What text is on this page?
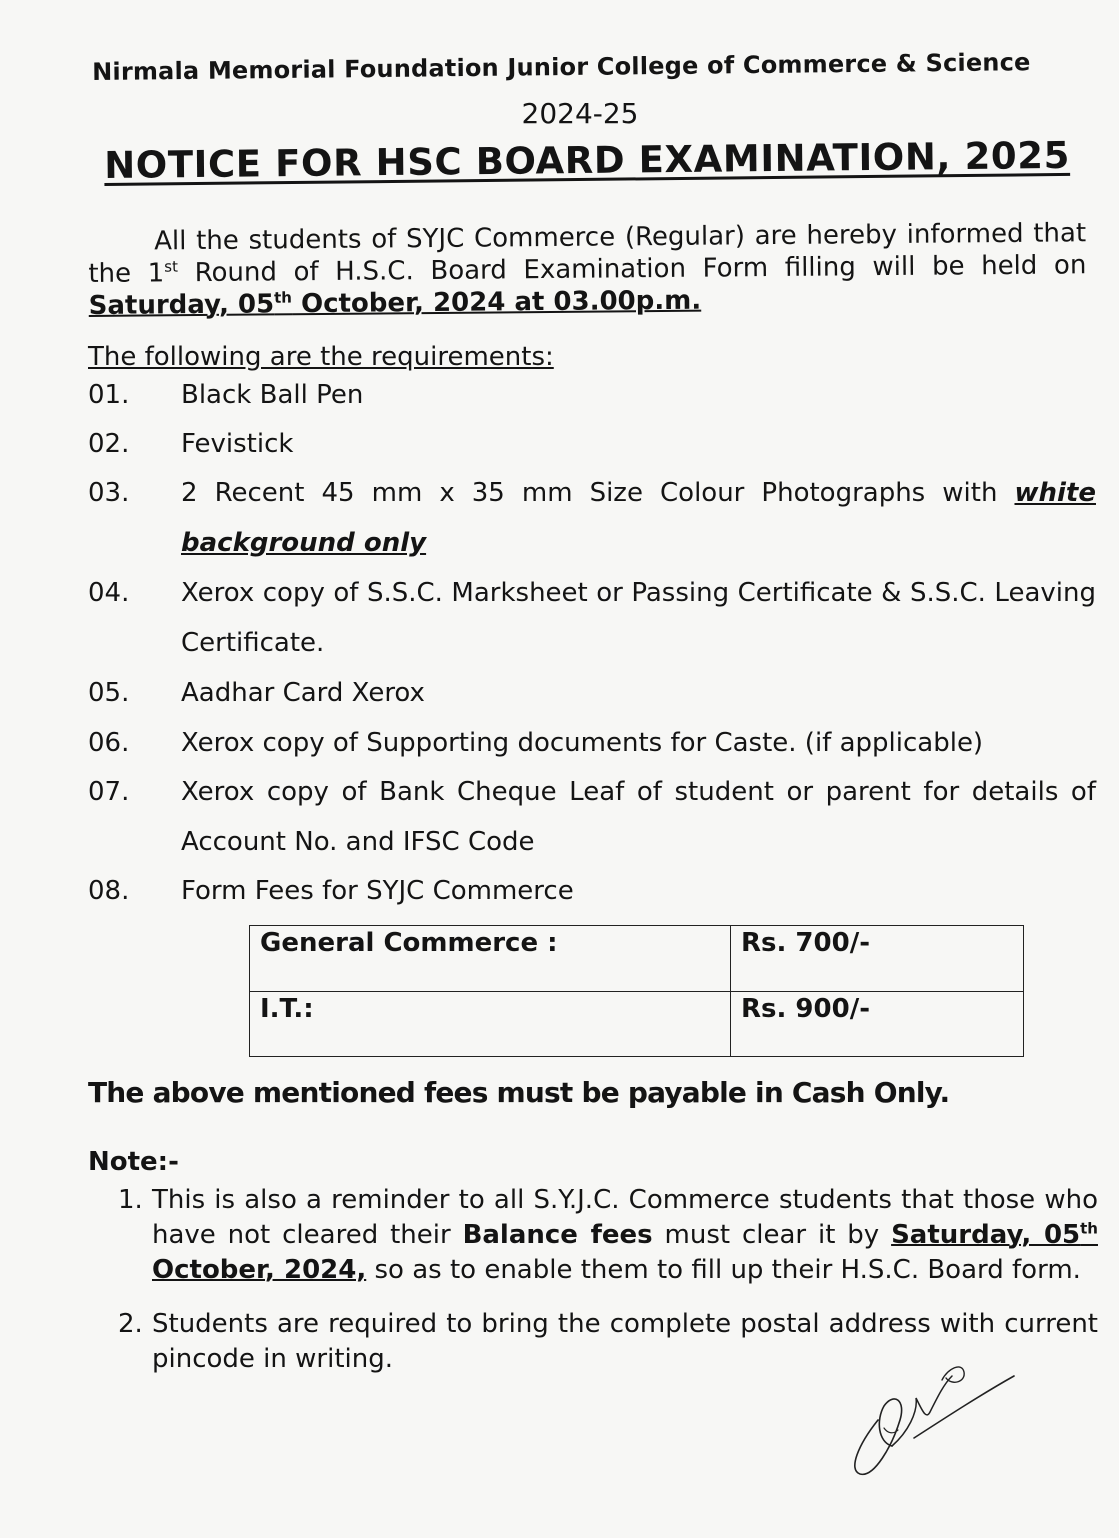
Nirmala Memorial Foundation Junior College of Commerce & Science
2024-25
NOTICE FOR HSC BOARD EXAMINATION, 2025
All the students of SYJC Commerce (Regular) are hereby informed that the 1st Round of H.S.C. Board Examination Form filling will be held on Saturday, 05th October, 2024 at 03.00p.m.
The following are the requirements:
01.	Black Ball Pen
02.	Fevistick
03.	2 Recent 45 mm x 35 mm Size Colour Photographs with white background only
04.	Xerox copy of S.S.C. Marksheet or Passing Certificate & S.S.C. Leaving Certificate.
05.	Aadhar Card Xerox
06.	Xerox copy of Supporting documents for Caste. (if applicable)
07.	Xerox copy of Bank Cheque Leaf of student or parent for details of Account No. and IFSC Code
08.	Form Fees for SYJC Commerce
General Commerce :	Rs. 700/-
I.T.:	Rs. 900/-
The above mentioned fees must be payable in Cash Only.
Note:-
1. This is also a reminder to all S.Y.J.C. Commerce students that those who have not cleared their Balance fees must clear it by Saturday, 05th October, 2024, so as to enable them to fill up their H.S.C. Board form.
2. Students are required to bring the complete postal address with current pincode in writing.
